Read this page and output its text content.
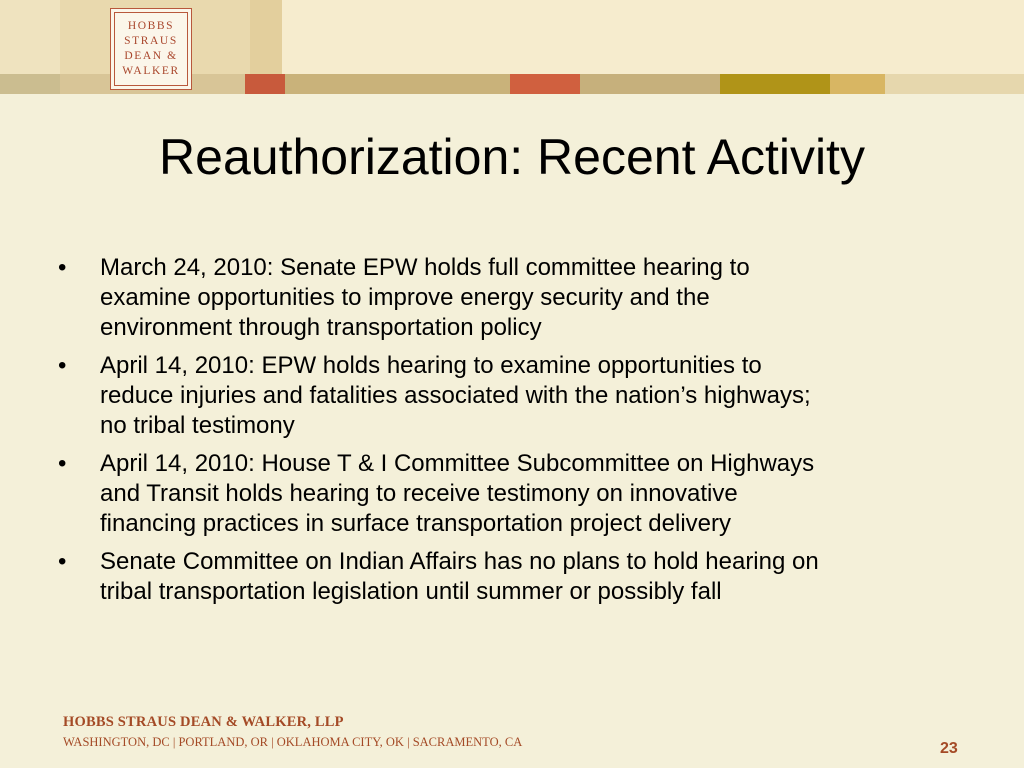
HOBBS
STRAUS
DEAN &
WALKER
Reauthorization: Recent Activity
•	March 24, 2010: Senate EPW holds full committee hearing to
examine opportunities to improve energy security and the
environment through transportation policy
•	April 14, 2010: EPW holds hearing to examine opportunities to
reduce injuries and fatalities associated with the nation’s highways;
no tribal testimony
•	April 14, 2010: House T & I Committee Subcommittee on Highways
and Transit holds hearing to receive testimony on innovative
financing practices in surface transportation project delivery
•	Senate Committee on Indian Affairs has no plans to hold hearing on
tribal transportation legislation until summer or possibly fall
HOBBS STRAUS DEAN & WALKER, LLP
WASHINGTON, DC | PORTLAND, OR | OKLAHOMA CITY, OK | SACRAMENTO, CA	23
